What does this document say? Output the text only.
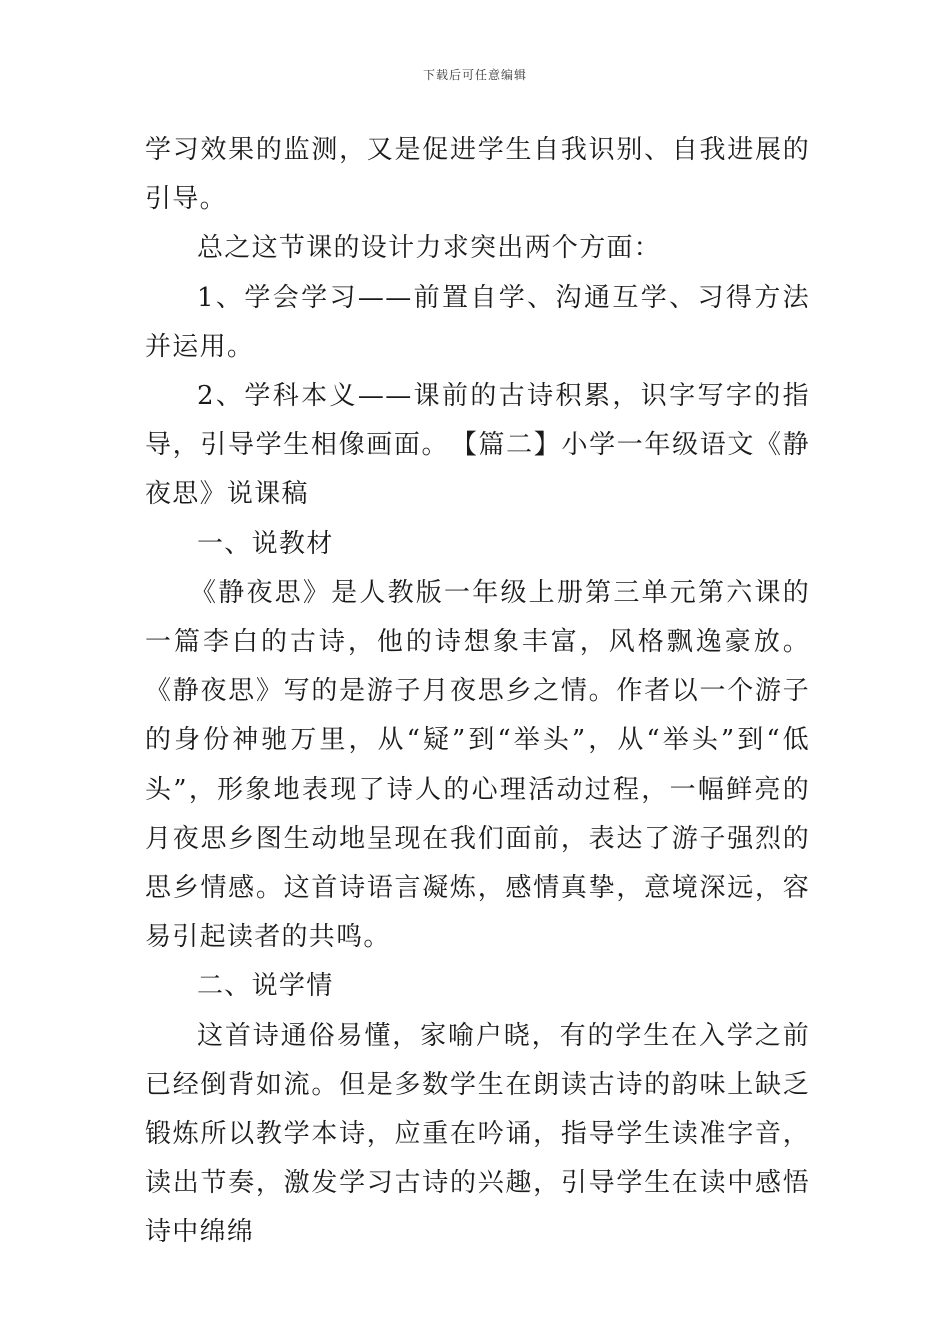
下载后可任意编辑

学习效果的监测，又是促进学生自我识别、自我进展的引导。

总之这节课的设计力求突出两个方面：

1、学会学习——前置自学、沟通互学、习得方法并运用。

2、学科本义——课前的古诗积累，识字写字的指导，引导学生相像画面。　【篇二】小学一年级语文《静夜思》说课稿

一、说教材

《静夜思》是人教版一年级上册第三单元第六课的一篇李白的古诗，他的诗想象丰富，风格飘逸豪放。《静夜思》写的是游子月夜思乡之情。作者以一个游子的身份神驰万里，从“疑”到“举头”，从“举头”到“低头”，形象地表现了诗人的心理活动过程，一幅鲜亮的月夜思乡图生动地呈现在我们面前，表达了游子强烈的思乡情感。这首诗语言凝炼，感情真挚，意境深远，容易引起读者的共鸣。

二、说学情

这首诗通俗易懂，家喻户晓，有的学生在入学之前已经倒背如流。但是多数学生在朗读古诗的韵味上缺乏锻炼所以教学本诗，应重在吟诵，指导学生读准字音，读出节奏，激发学习古诗的兴趣，引导学生在读中感悟诗中绵绵
